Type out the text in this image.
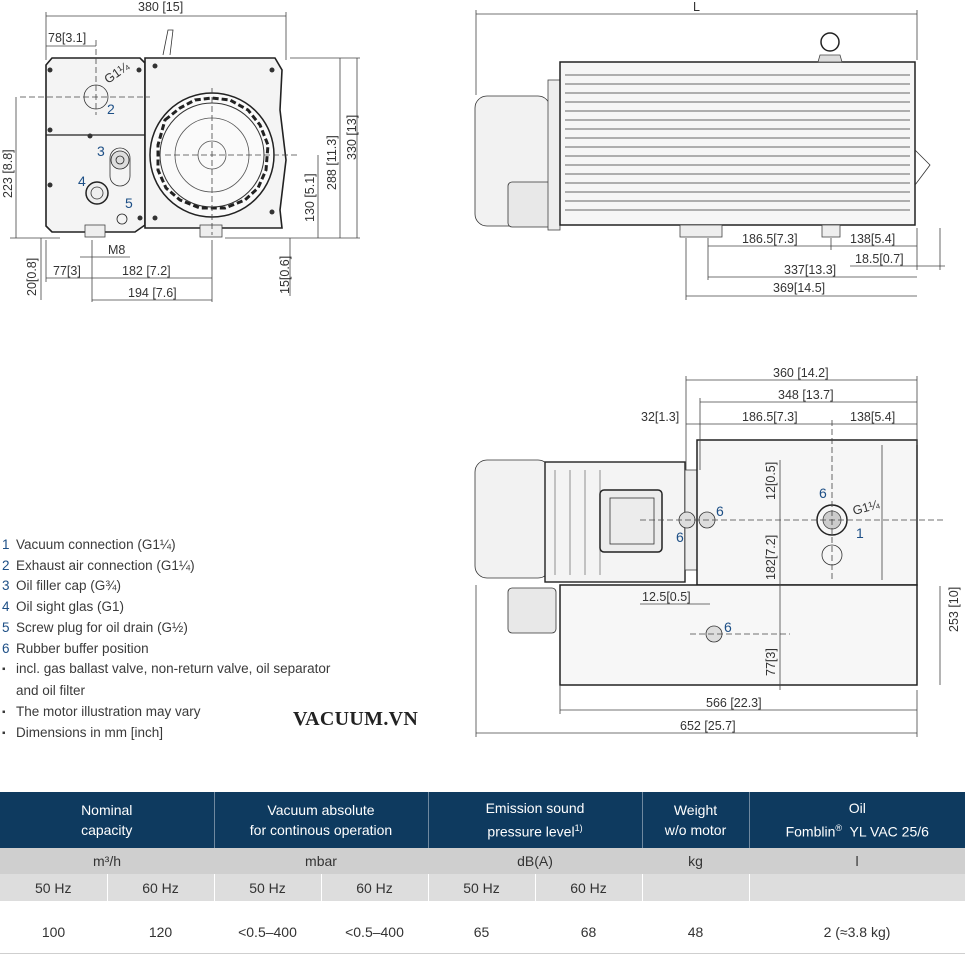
380 [15]
78[3.1]
G1¼
223 [8.8]
330 [13]
288 [11.3]
130 [5.1]
20[0.8]	15[0.6]
M8
77[3]	182 [7.2]
194 [7.6]
L
186.5[7.3]	138[5.4]
18.5[0.7]
337[13.3]
369[14.5]
360 [14.2]
348 [13.7]
32[1.3]	186.5[7.3]	138[5.4]
12[0.5]
182[7.2]
12.5[0.5]
77[3]
253 [10]
566 [22.3]
652 [25.7]
G1¼
1
2
3
4
5
6
6
6
6
1 Vacuum connection (G1¼)
2 Exhaust air connection (G1¼)
3 Oil filler cap (G¾)
4 Oil sight glas (G1)
5 Screw plug for oil drain (G½)
6 Rubber buffer position
▪ incl. gas ballast valve, non-return valve, oil separator
and oil filter
▪ The motor illustration may vary
▪ Dimensions in mm [inch]
VACUUM.VN
Nominal
capacity		Vacuum absolute
for continous operation		Emission sound
pressure level$^{1)}$		Weight
w/o motor	Oil
Fomblin®  YL VAC 25/6
m³/h		mbar		dB(A)		kg	l
50 Hz	60 Hz	50 Hz	60 Hz	50 Hz	60 Hz		

100	120	<0.5–400	<0.5–400	65	68	48	2 (≈3.8 kg)
